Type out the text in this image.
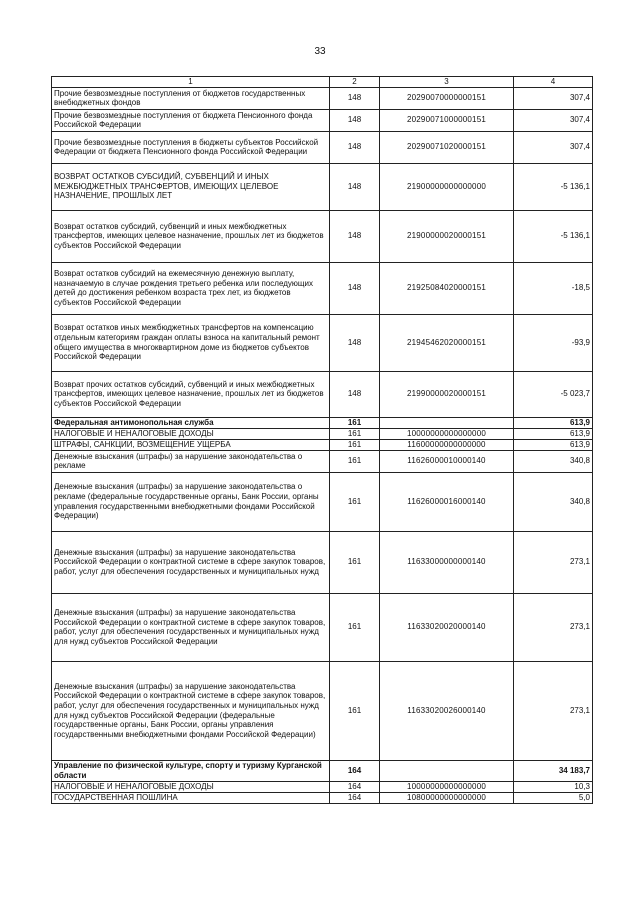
33
1	2	3	4
Прочие безвозмездные поступления от бюджетов государственных внебюджетных фондов	148	20290070000000151	307,4
Прочие безвозмездные поступления от бюджета Пенсионного фонда Российской Федерации	148	20290071000000151	307,4
Прочие безвозмездные поступления в бюджеты субъектов Российской Федерации от бюджета Пенсионного фонда Российской Федерации	148	20290071020000151	307,4
ВОЗВРАТ ОСТАТКОВ СУБСИДИЙ, СУБВЕНЦИЙ И ИНЫХ МЕЖБЮДЖЕТНЫХ ТРАНСФЕРТОВ, ИМЕЮЩИХ ЦЕЛЕВОЕ НАЗНАЧЕНИЕ, ПРОШЛЫХ ЛЕТ	148	21900000000000000	-5 136,1
Возврат остатков субсидий, субвенций и иных межбюджетных трансфертов, имеющих целевое назначение, прошлых лет из бюджетов субъектов Российской Федерации	148	21900000020000151	-5 136,1
Возврат остатков субсидий на ежемесячную денежную выплату, назначаемую в случае рождения третьего ребенка или последующих детей до достижения ребенком возраста трех лет, из бюджетов субъектов Российской Федерации	148	21925084020000151	-18,5
Возврат остатков иных межбюджетных трансфертов на компенсацию отдельным категориям граждан оплаты взноса на капитальный ремонт общего имущества в многоквартирном доме из бюджетов субъектов Российской Федерации	148	21945462020000151	-93,9
Возврат прочих остатков субсидий, субвенций и иных межбюджетных трансфертов, имеющих целевое назначение, прошлых лет из бюджетов субъектов Российской Федерации	148	21990000020000151	-5 023,7
Федеральная антимонопольная служба	161		613,9
НАЛОГОВЫЕ И НЕНАЛОГОВЫЕ ДОХОДЫ	161	10000000000000000	613,9
ШТРАФЫ, САНКЦИИ, ВОЗМЕЩЕНИЕ УЩЕРБА	161	11600000000000000	613,9
Денежные взыскания (штрафы) за нарушение законодательства о рекламе	161	11626000010000140	340,8
Денежные взыскания (штрафы) за нарушение законодательства о рекламе (федеральные государственные органы, Банк России, органы управления государственными внебюджетными фондами Российской Федерации)	161	11626000016000140	340,8
Денежные взыскания (штрафы) за нарушение законодательства Российской Федерации о контрактной системе в сфере закупок товаров, работ, услуг для обеспечения государственных и муниципальных нужд	161	11633000000000140	273,1
Денежные взыскания (штрафы) за нарушение законодательства Российской Федерации о контрактной системе в сфере закупок товаров, работ, услуг для обеспечения государственных и муниципальных нужд для нужд субъектов Российской Федерации	161	11633020020000140	273,1
Денежные взыскания (штрафы) за нарушение законодательства Российской Федерации о контрактной системе в сфере закупок товаров, работ, услуг для обеспечения государственных и муниципальных нужд для нужд субъектов Российской Федерации (федеральные государственные органы, Банк России, органы управления государственными внебюджетными фондами Российской Федерации)	161	11633020026000140	273,1
Управление по физической культуре, спорту и туризму Курганской области	164		34 183,7
НАЛОГОВЫЕ И НЕНАЛОГОВЫЕ ДОХОДЫ	164	10000000000000000	10,3
ГОСУДАРСТВЕННАЯ ПОШЛИНА	164	10800000000000000	5,0
